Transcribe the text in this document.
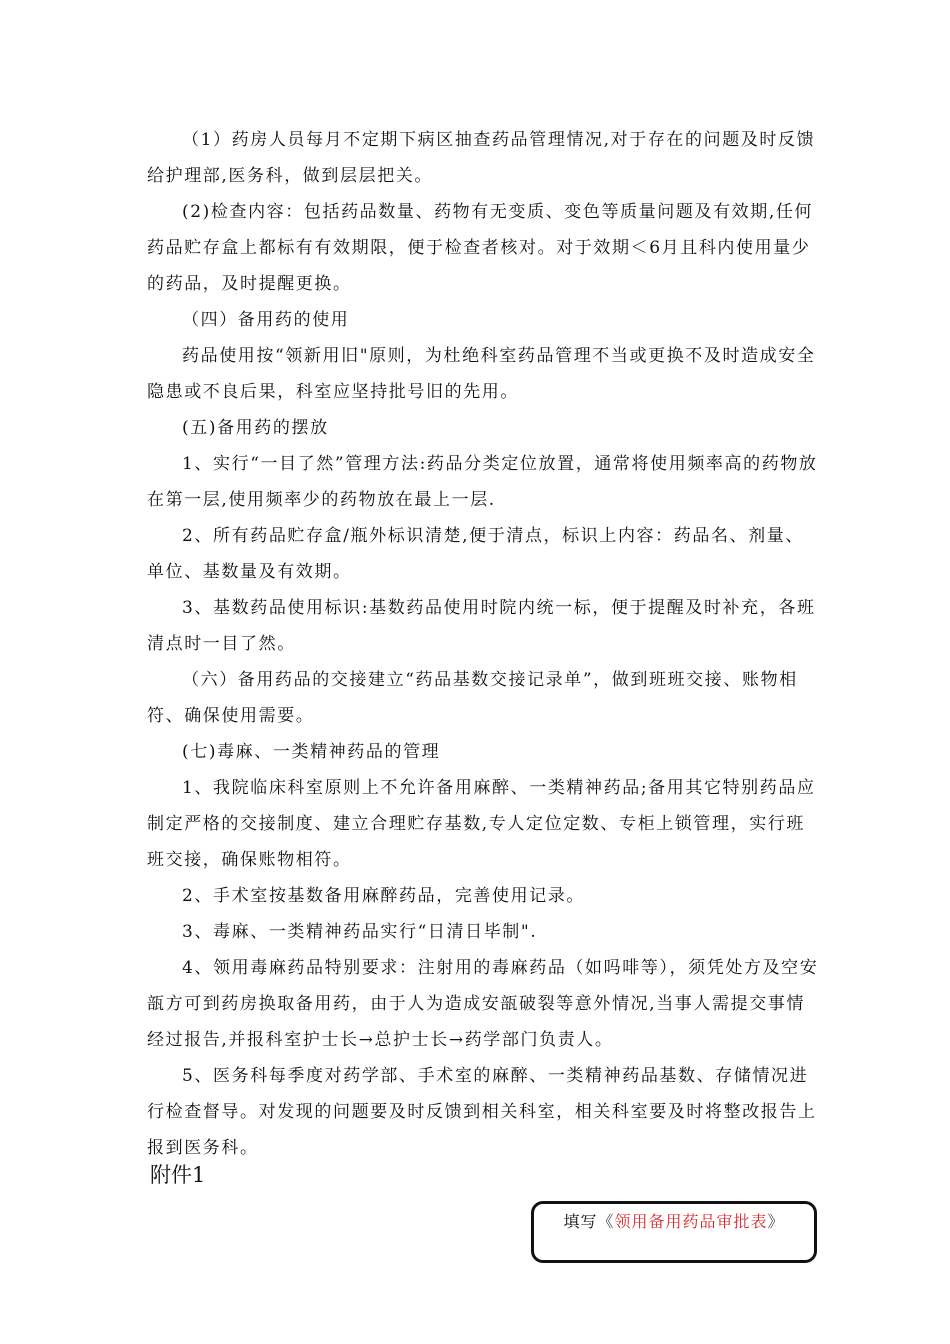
（1）药房人员每月不定期下病区抽查药品管理情况,对于存在的问题及时反馈给护理部,医务科，做到层层把关。

(2)检查内容：包括药品数量、药物有无变质、变色等质量问题及有效期,任何药品贮存盒上都标有有效期限，便于检查者核对。对于效期＜6月且科内使用量少的药品，及时提醒更换。

（四）备用药的使用

药品使用按“领新用旧"原则，为杜绝科室药品管理不当或更换不及时造成安全隐患或不良后果，科室应坚持批号旧的先用。

(五)备用药的摆放

1、实行“一目了然”管理方法:药品分类定位放置，通常将使用频率高的药物放在第一层,使用频率少的药物放在最上一层.

2、所有药品贮存盒/瓶外标识清楚,便于清点，标识上内容：药品名、剂量、单位、基数量及有效期。

3、基数药品使用标识:基数药品使用时院内统一标，便于提醒及时补充，各班清点时一目了然。

（六）备用药品的交接建立“药品基数交接记录单”，做到班班交接、账物相符、确保使用需要。

(七)毒麻、一类精神药品的管理

1、我院临床科室原则上不允许备用麻醉、一类精神药品;备用其它特别药品应制定严格的交接制度、建立合理贮存基数,专人定位定数、专柜上锁管理，实行班班交接，确保账物相符。

2、手术室按基数备用麻醉药品，完善使用记录。

3、毒麻、一类精神药品实行“日清日毕制".

4、领用毒麻药品特别要求：注射用的毒麻药品（如吗啡等），须凭处方及空安瓿方可到药房换取备用药，由于人为造成安瓿破裂等意外情况,当事人需提交事情经过报告,并报科室护士长→总护士长→药学部门负责人。

5、医务科每季度对药学部、手术室的麻醉、一类精神药品基数、存储情况进行检查督导。对发现的问题要及时反馈到相关科室，相关科室要及时将整改报告上报到医务科。

附件1
填写《领用备用药品审批表》
